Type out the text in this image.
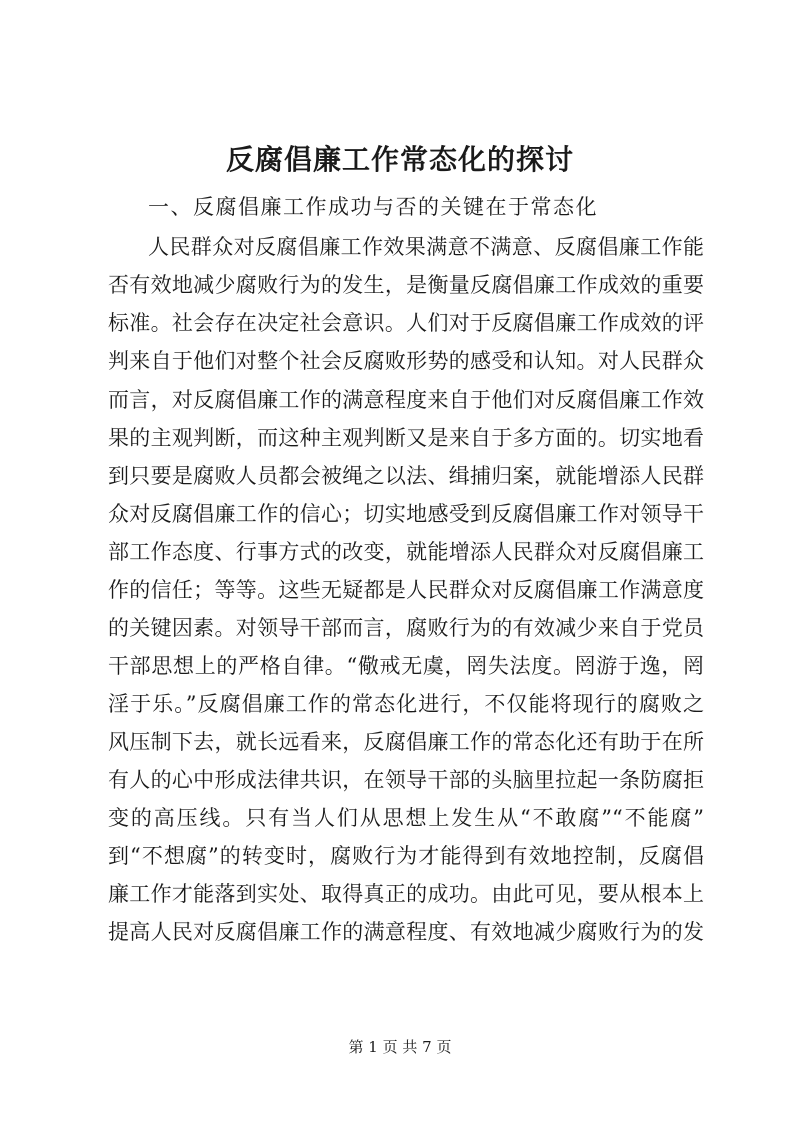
反腐倡廉工作常态化的探讨

一、反腐倡廉工作成功与否的关键在于常态化

人民群众对反腐倡廉工作效果满意不满意、反腐倡廉工作能

否有效地减少腐败行为的发生，是衡量反腐倡廉工作成效的重要

标准。社会存在决定社会意识。人们对于反腐倡廉工作成效的评

判来自于他们对整个社会反腐败形势的感受和认知。对人民群众

而言，对反腐倡廉工作的满意程度来自于他们对反腐倡廉工作效

果的主观判断，而这种主观判断又是来自于多方面的。切实地看

到只要是腐败人员都会被绳之以法、缉捕归案，就能增添人民群

众对反腐倡廉工作的信心；切实地感受到反腐倡廉工作对领导干

部工作态度、行事方式的改变，就能增添人民群众对反腐倡廉工

作的信任；等等。这些无疑都是人民群众对反腐倡廉工作满意度

的关键因素。对领导干部而言，腐败行为的有效减少来自于党员

干部思想上的严格自律。“儆戒无虞，罔失法度。罔游于逸，罔

淫于乐。”反腐倡廉工作的常态化进行，不仅能将现行的腐败之

风压制下去，就长远看来，反腐倡廉工作的常态化还有助于在所

有人的心中形成法律共识，在领导干部的头脑里拉起一条防腐拒

变的高压线。只有当人们从思想上发生从“不敢腐”“不能腐”

到“不想腐”的转变时，腐败行为才能得到有效地控制，反腐倡

廉工作才能落到实处、取得真正的成功。由此可见，要从根本上

提高人民对反腐倡廉工作的满意程度、有效地减少腐败行为的发

第 1 页 共 7 页
